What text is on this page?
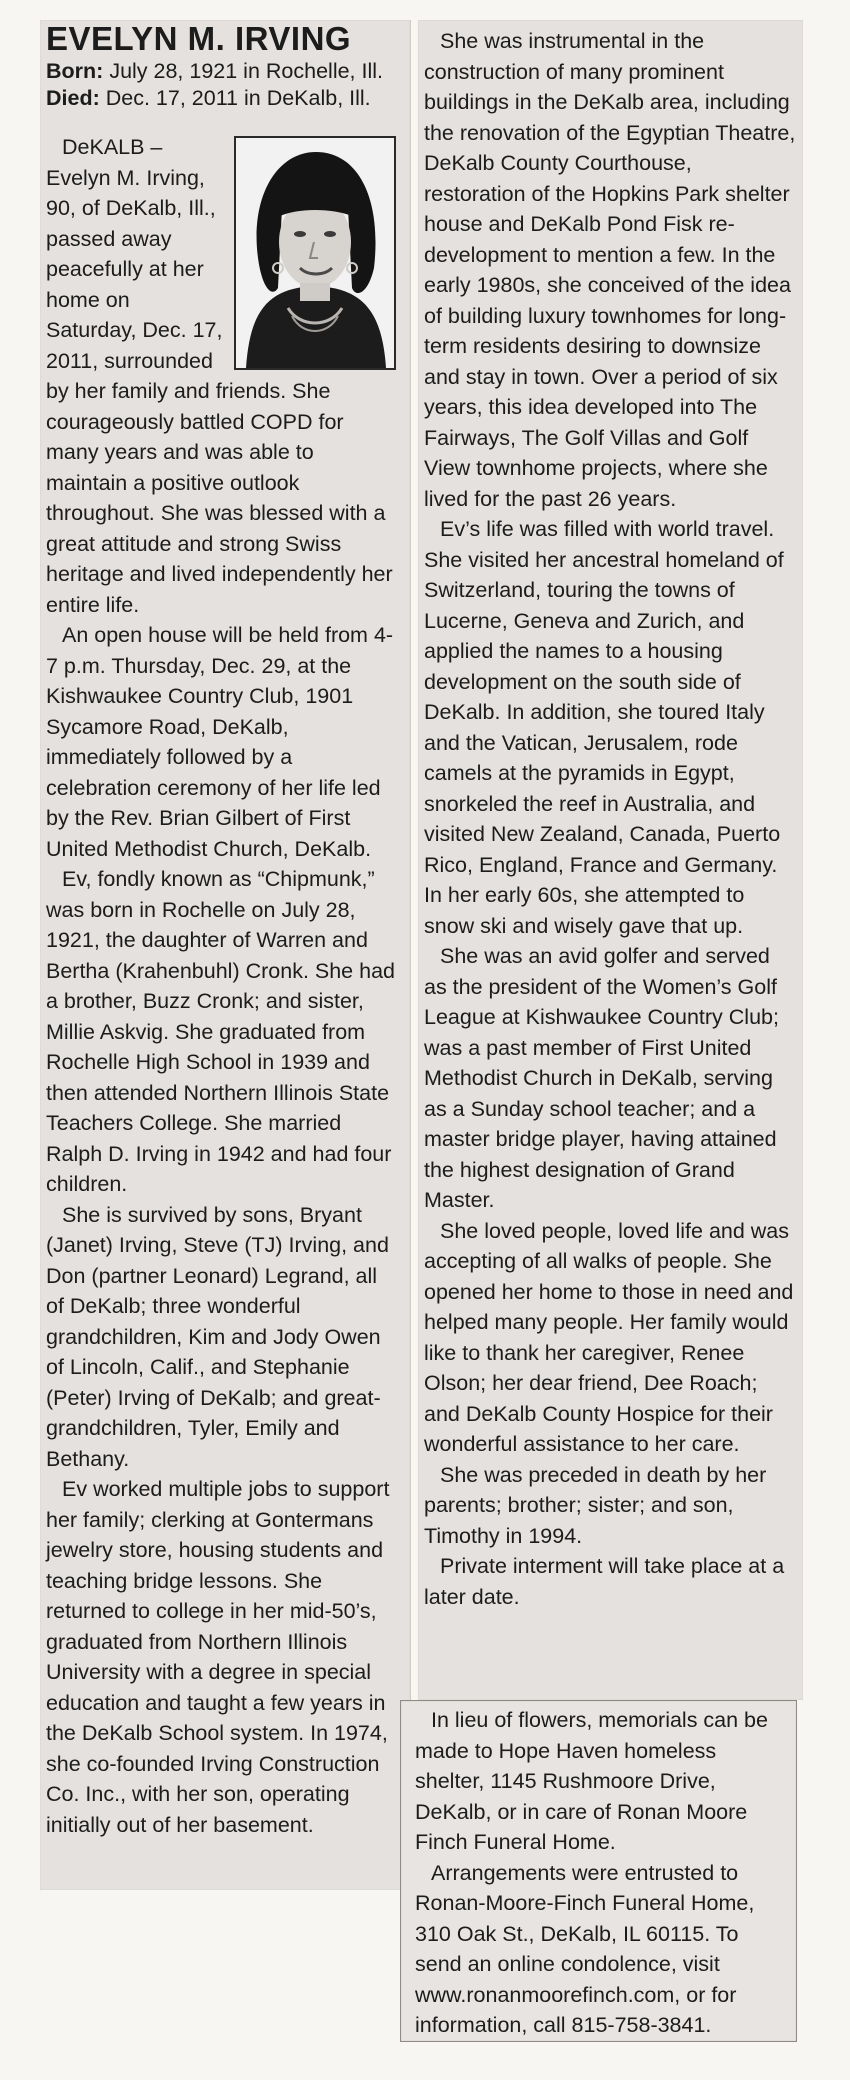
EVELYN M. IRVING
Born: July 28, 1921 in Rochelle, Ill.
Died: Dec. 17, 2011 in DeKalb, Ill.

DeKALB – Evelyn M. Irving, 90, of DeKalb, Ill., passed away peacefully at her home on Saturday, Dec. 17, 2011, surrounded by her family and friends. She courageously battled COPD for many years and was able to maintain a positive outlook throughout. She was blessed with a great attitude and strong Swiss heritage and lived independently her entire life.

An open house will be held from 4-7 p.m. Thursday, Dec. 29, at the Kishwaukee Country Club, 1901 Sycamore Road, DeKalb, immediately followed by a celebration ceremony of her life led by the Rev. Brian Gilbert of First United Methodist Church, DeKalb.

Ev, fondly known as “Chipmunk,” was born in Rochelle on July 28, 1921, the daughter of Warren and Bertha (Krahenbuhl) Cronk. She had a brother, Buzz Cronk; and sister, Millie Askvig. She graduated from Rochelle High School in 1939 and then attended Northern Illinois State Teachers College. She married Ralph D. Irving in 1942 and had four children.

She is survived by sons, Bryant (Janet) Irving, Steve (TJ) Irving, and Don (partner Leonard) Legrand, all of DeKalb; three wonderful grandchildren, Kim and Jody Owen of Lincoln, Calif., and Stephanie (Peter) Irving of DeKalb; and great-grandchildren, Tyler, Emily and Bethany.

Ev worked multiple jobs to support her family; clerking at Gontermans jewelry store, housing students and teaching bridge lessons. She returned to college in her mid-50’s, graduated from Northern Illinois University with a degree in special education and taught a few years in the DeKalb School system. In 1974, she co-founded Irving Construction Co. Inc., with her son, operating initially out of her basement.

She was instrumental in the construction of many prominent buildings in the DeKalb area, including the renovation of the Egyptian Theatre, DeKalb County Courthouse, restoration of the Hopkins Park shelter house and DeKalb Pond Fisk re-development to mention a few. In the early 1980s, she conceived of the idea of building luxury townhomes for long-term residents desiring to downsize and stay in town. Over a period of six years, this idea developed into The Fairways, The Golf Villas and Golf View townhome projects, where she lived for the past 26 years.

Ev’s life was filled with world travel. She visited her ancestral homeland of Switzerland, touring the towns of Lucerne, Geneva and Zurich, and applied the names to a housing development on the south side of DeKalb. In addition, she toured Italy and the Vatican, Jerusalem, rode camels at the pyramids in Egypt, snorkeled the reef in Australia, and visited New Zealand, Canada, Puerto Rico, England, France and Germany. In her early 60s, she attempted to snow ski and wisely gave that up.

She was an avid golfer and served as the president of the Women’s Golf League at Kishwaukee Country Club; was a past member of First United Methodist Church in DeKalb, serving as a Sunday school teacher; and a master bridge player, having attained the highest designation of Grand Master.

She loved people, loved life and was accepting of all walks of people. She opened her home to those in need and helped many people. Her family would like to thank her caregiver, Renee Olson; her dear friend, Dee Roach; and DeKalb County Hospice for their wonderful assistance to her care.

She was preceded in death by her parents; brother; sister; and son, Timothy in 1994.

Private interment will take place at a later date.

In lieu of flowers, memorials can be made to Hope Haven homeless shelter, 1145 Rushmoore Drive, DeKalb, or in care of Ronan Moore Finch Funeral Home.

Arrangements were entrusted to Ronan-Moore-Finch Funeral Home, 310 Oak St., DeKalb, IL 60115. To send an online condolence, visit www.ronanmoorefinch.com, or for information, call 815-758-3841.
